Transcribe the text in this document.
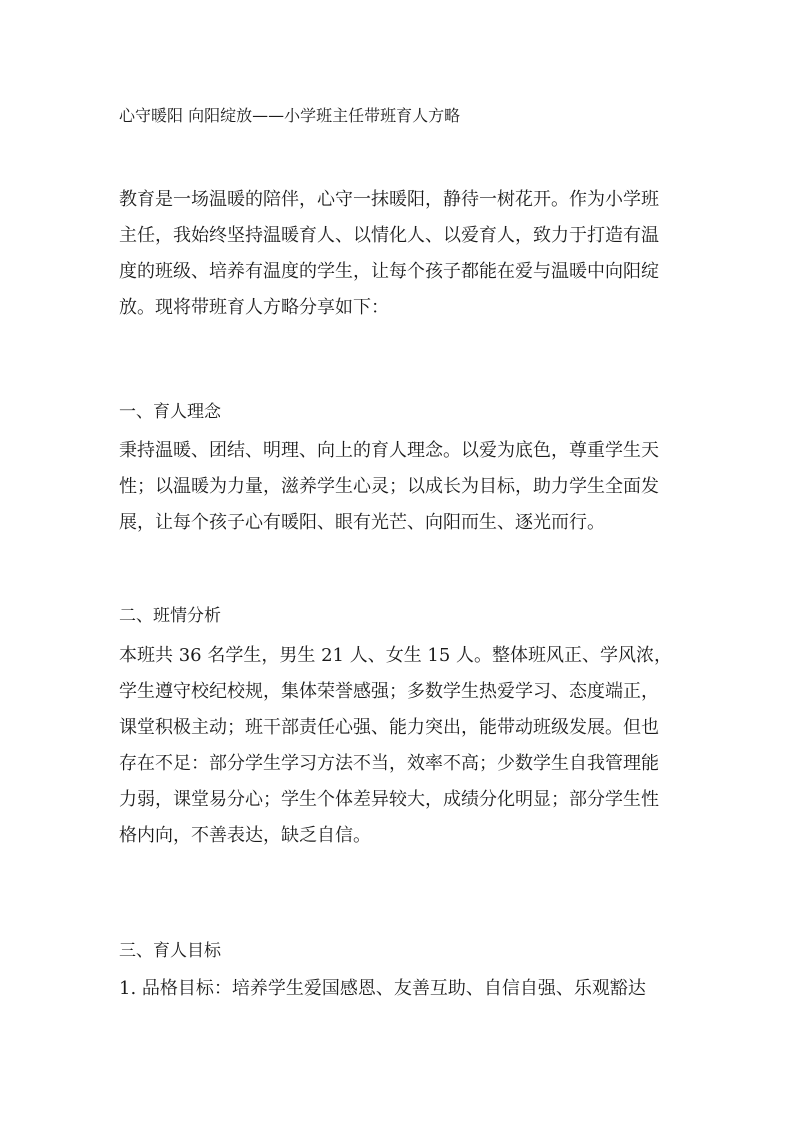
心守暖阳 向阳绽放——小学班主任带班育人方略

教育是一场温暖的陪伴，心守一抹暖阳，静待一树花开。作为小学班

主任，我始终坚持温暖育人、以情化人、以爱育人，致力于打造有温

度的班级、培养有温度的学生，让每个孩子都能在爱与温暖中向阳绽

放。现将带班育人方略分享如下：

一、育人理念

秉持温暖、团结、明理、向上的育人理念。以爱为底色，尊重学生天

性；以温暖为力量，滋养学生心灵；以成长为目标，助力学生全面发

展，让每个孩子心有暖阳、眼有光芒、向阳而生、逐光而行。

二、班情分析

本班共 36 名学生，男生 21 人、女生 15 人。整体班风正、学风浓，

学生遵守校纪校规，集体荣誉感强；多数学生热爱学习、态度端正，

课堂积极主动；班干部责任心强、能力突出，能带动班级发展。但也

存在不足：部分学生学习方法不当，效率不高；少数学生自我管理能

力弱，课堂易分心；学生个体差异较大，成绩分化明显；部分学生性

格内向，不善表达，缺乏自信。

三、育人目标

1. 品格目标：培养学生爱国感恩、友善互助、自信自强、乐观豁达
